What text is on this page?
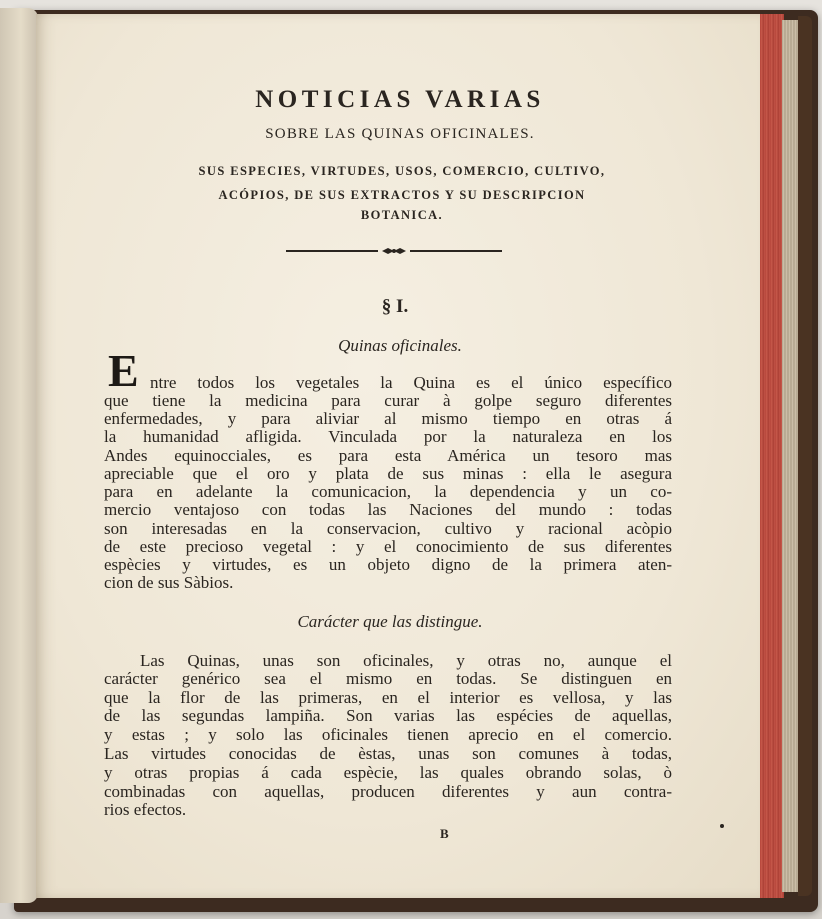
NOTICIAS VARIAS
SOBRE LAS QUINAS OFICINALES.
SUS ESPECIES, VIRTUDES, USOS, COMERCIO, CULTIVO,
ACÓPIOS, DE SUS EXTRACTOS Y SU DESCRIPCION
BOTANICA.
§ I.
Quinas oficinales.
E ntre todos los vegetales la Quina es el único específico
que tiene la medicina para curar à golpe seguro diferentes
enfermedades, y para aliviar al mismo tiempo en otras á
la humanidad afligida. Vinculada por la naturaleza en los
Andes equinocciales, es para esta América un tesoro mas
apreciable que el oro y plata de sus minas : ella le asegura
para en adelante la comunicacion, la dependencia y un co-
mercio ventajoso con todas las Naciones del mundo : todas
son interesadas en la conservacion, cultivo y racional acòpio
de este precioso vegetal : y el conocimiento de sus diferentes
espècies y virtudes, es un objeto digno de la primera aten-
cion de sus Sàbios.
Carácter que las distingue.
Las Quinas, unas son oficinales, y otras no, aunque el
carácter genérico sea el mismo en todas. Se distinguen en
que la flor de las primeras, en el interior es vellosa, y las
de las segundas lampiña. Son varias las espécies de aquellas,
y estas ; y solo las oficinales tienen aprecio en el comercio.
Las virtudes conocidas de èstas, unas son comunes à todas,
y otras propias á cada espècie, las quales obrando solas, ò
combinadas con aquellas, producen diferentes y aun contra-
rios efectos.
B
